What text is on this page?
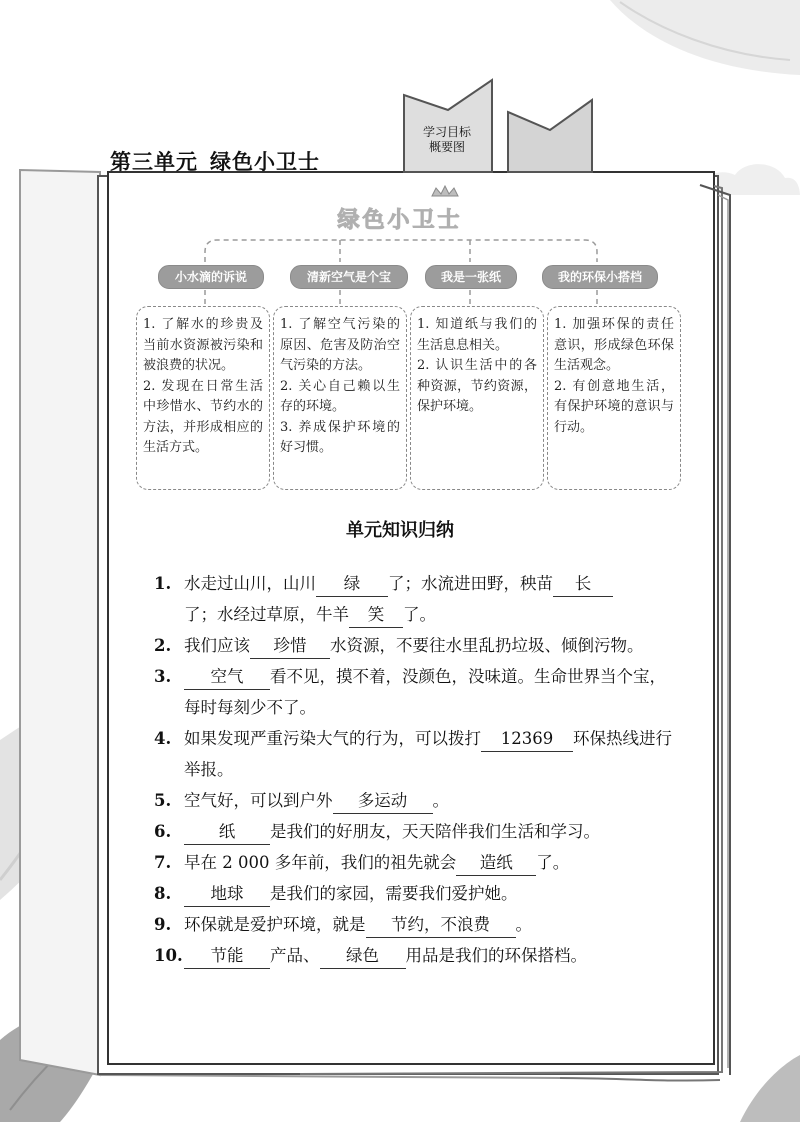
第三单元 绿色小卫士
学习目标
概要图
绿色小卫士
小水滴的诉说	清新空气是个宝	我是一张纸	我的环保小搭档
1. 了解水的珍贵及当前水资源被污染和被浪费的状况。
2. 发现在日常生活中珍惜水、节约水的方法，并形成相应的生活方式。
1. 了解空气污染的原因、危害及防治空气污染的方法。
2. 关心自己赖以生存的环境。
3. 养成保护环境的好习惯。
1. 知道纸与我们的生活息息相关。
2. 认识生活中的各种资源，节约资源，保护环境。
1. 加强环保的责任意识，形成绿色环保生活观念。
2. 有创意地生活，有保护环境的意识与行动。
单元知识归纳
1. 水走过山川，山川 绿 了；水流进田野，秧苗 长
了；水经过草原，牛羊 笑 了。
2. 我们应该 珍惜 水资源，不要往水里乱扔垃圾、倾倒污物。
3.	空气 看不见，摸不着，没颜色，没味道。生命世界当个宝，每时每刻少不了。
4. 如果发现严重污染大气的行为，可以拨打 12369 环保热线进行举报。
5. 空气好，可以到户外 多运动 。
6.	纸 是我们的好朋友，天天陪伴我们生活和学习。
7. 早在 2 000 多年前，我们的祖先就会 造纸 了。
8.	地球 是我们的家园，需要我们爱护她。
9. 环保就是爱护环境，就是 节约，不浪费 。
10.	节能 产品、 绿色 用品是我们的环保搭档。
